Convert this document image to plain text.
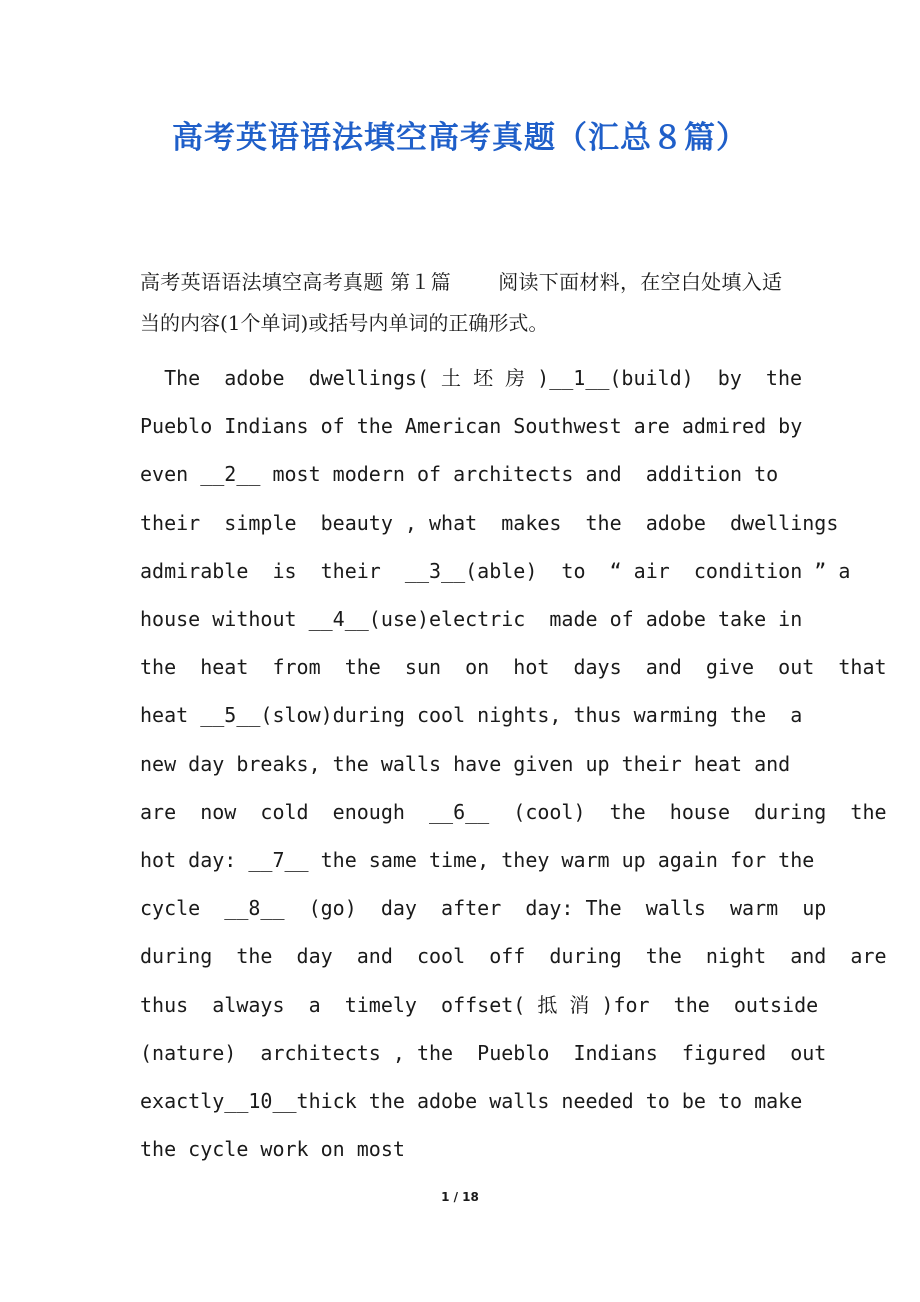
高考英语语法填空高考真题（汇总８篇）
高考英语语法填空高考真题 第１篇　　 阅读下面材料，在空白处填入适当的内容(1个单词)或括号内单词的正确形式。
The  adobe  dwellings( 土 坯 房 )__1__(build)  by  the
Pueblo Indians of the American Southwest are admired by
even __2__ most modern of architects and  addition to
their  simple  beauty , what  makes  the  adobe  dwellings
admirable  is  their  __3__(able)  to  “ air  condition ” a
house without __4__(use)electric  made of adobe take in
the  heat  from  the  sun  on  hot  days  and  give  out  that
heat __5__(slow)during cool nights, thus warming the  a
new day breaks, the walls have given up their heat and
are  now  cold  enough  __6__  (cool)  the  house  during  the
hot day: __7__ the same time, they warm up again for the
cycle  __8__  (go)  day  after  day: The  walls  warm  up
during  the  day  and  cool  off  during  the  night  and  are
thus  always  a  timely  offset( 抵 消 )for  the  outside
(nature)  architects , the  Pueblo  Indians  figured  out
exactly__10__thick the adobe walls needed to be to make
the cycle work on most
1 / 18
